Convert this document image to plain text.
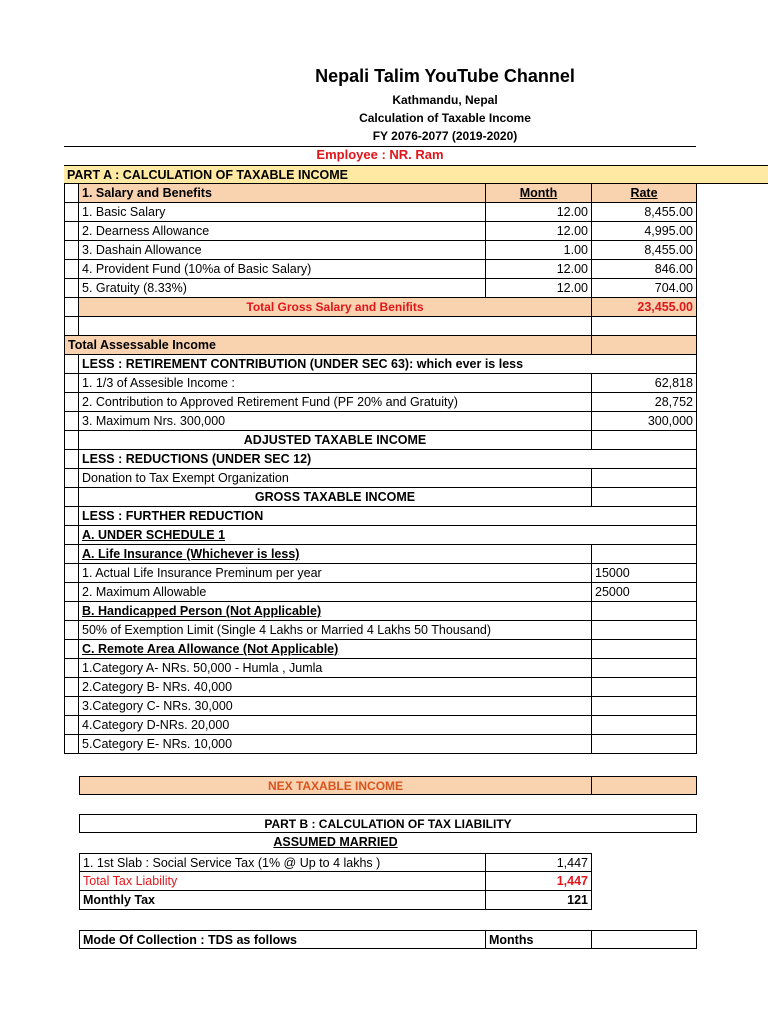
Nepali Talim YouTube Channel
Kathmandu, Nepal
Calculation of Taxable Income
FY 2076-2077 (2019-2020)
Employee : NR. Ram
PART A : CALCULATION OF TAXABLE INCOME
1. Salary and Benefits	Month	Rate
1. Basic Salary	12.00	8,455.00
2. Dearness Allowance	12.00	4,995.00
3. Dashain Allowance	1.00	8,455.00
4. Provident Fund (10%a of Basic Salary)	12.00	846.00
5. Gratuity (8.33%)	12.00	704.00
Total Gross Salary and Benifits	23,455.00
Total Assessable Income
LESS : RETIREMENT CONTRIBUTION (UNDER SEC 63): which ever is less
1. 1/3 of Assesible Income :	62,818
2. Contribution to Approved Retirement Fund (PF 20% and Gratuity)	28,752
3. Maximum Nrs. 300,000	300,000
ADJUSTED TAXABLE INCOME
LESS : REDUCTIONS (UNDER SEC 12)
Donation to Tax Exempt Organization
GROSS TAXABLE INCOME
LESS : FURTHER REDUCTION
A. UNDER SCHEDULE 1
A. Life Insurance (Whichever is less)
1. Actual Life Insurance Preminum per year	15000
2. Maximum Allowable	25000
B. Handicapped Person (Not Applicable)
50% of Exemption Limit (Single 4 Lakhs or Married 4 Lakhs 50 Thousand)
C. Remote Area Allowance (Not Applicable)
1.Category A- NRs. 50,000 - Humla , Jumla
2.Category B- NRs. 40,000
3.Category C- NRs. 30,000
4.Category D-NRs. 20,000
5.Category E- NRs. 10,000
NEX TAXABLE INCOME
PART B : CALCULATION OF TAX LIABILITY
ASSUMED MARRIED
1. 1st Slab : Social Service Tax (1% @ Up to 4 lakhs )	1,447
Total Tax Liability	1,447
Monthly Tax	121
Mode Of Collection : TDS as follows	Months
